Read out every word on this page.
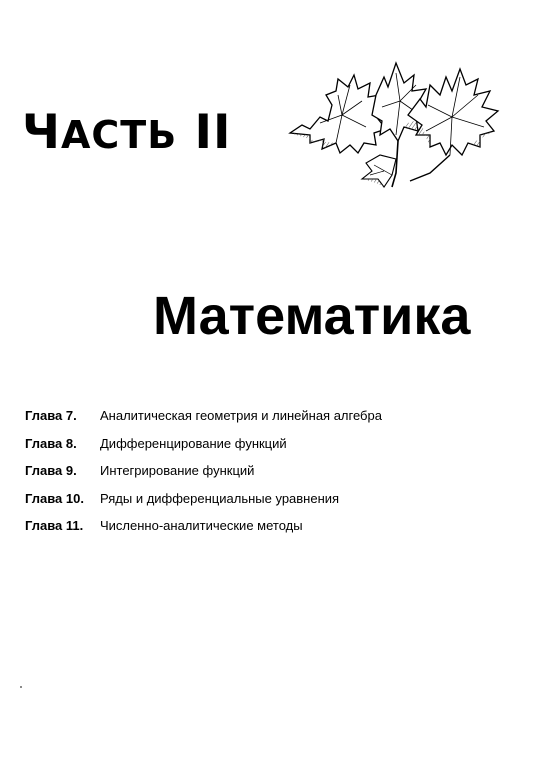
ЧАСТЬ II
Математика
Глава 7.	Аналитическая геометрия и линейная алгебра
Глава 8.	Дифференцирование функций
Глава 9.	Интегрирование функций
Глава 10.	Ряды и дифференциальные уравнения
Глава 11.	Численно-аналитические методы
